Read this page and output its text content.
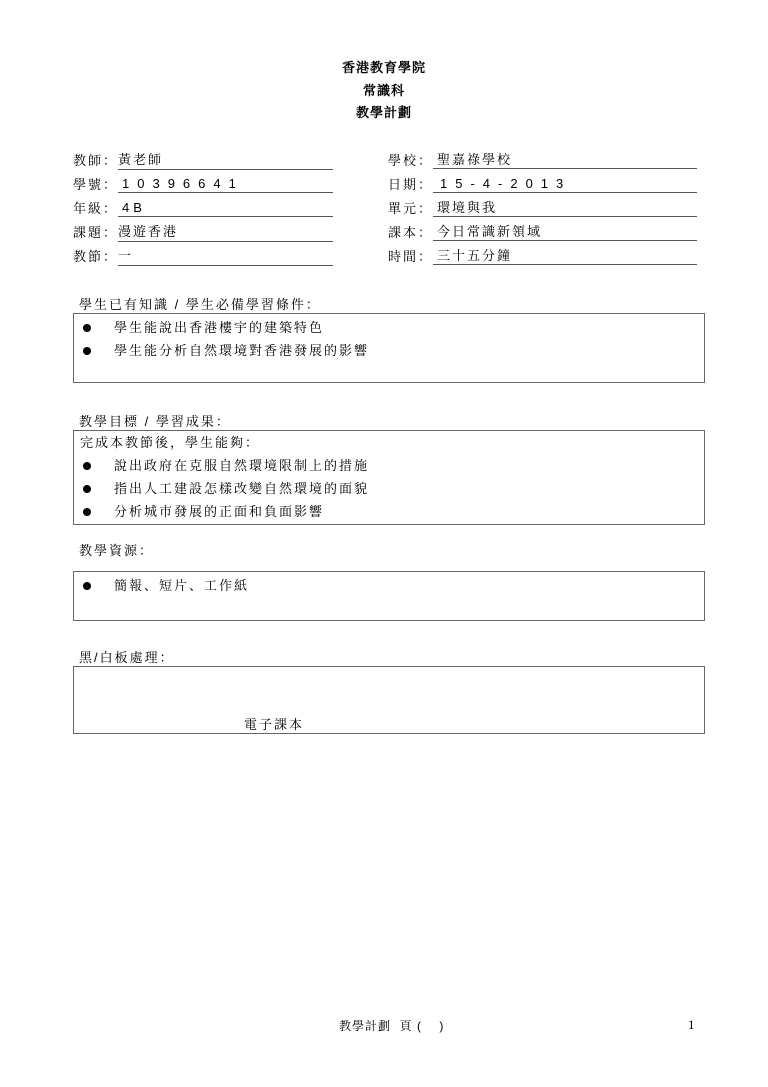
香港教育學院
常識科
教學計劃
教師： 黃老師
學號： 10396641
年級： 4B
課題： 漫遊香港
教節： 一
學校： 聖嘉祿學校
日期： 15-4-2013
單元： 環境與我
課本： 今日常識新領域
時間： 三十五分鐘
學生已有知識 / 學生必備學習條件：
學生能說出香港樓宇的建築特色
學生能分析自然環境對香港發展的影響
教學目標 / 學習成果：
完成本教節後，學生能夠：
說出政府在克服自然環境限制上的措施
指出人工建設怎樣改變自然環境的面貌
分析城市發展的正面和負面影響
教學資源：
簡報、短片、工作紙
黑/白板處理：
電子課本
教學計劃  頁 (    )	1
